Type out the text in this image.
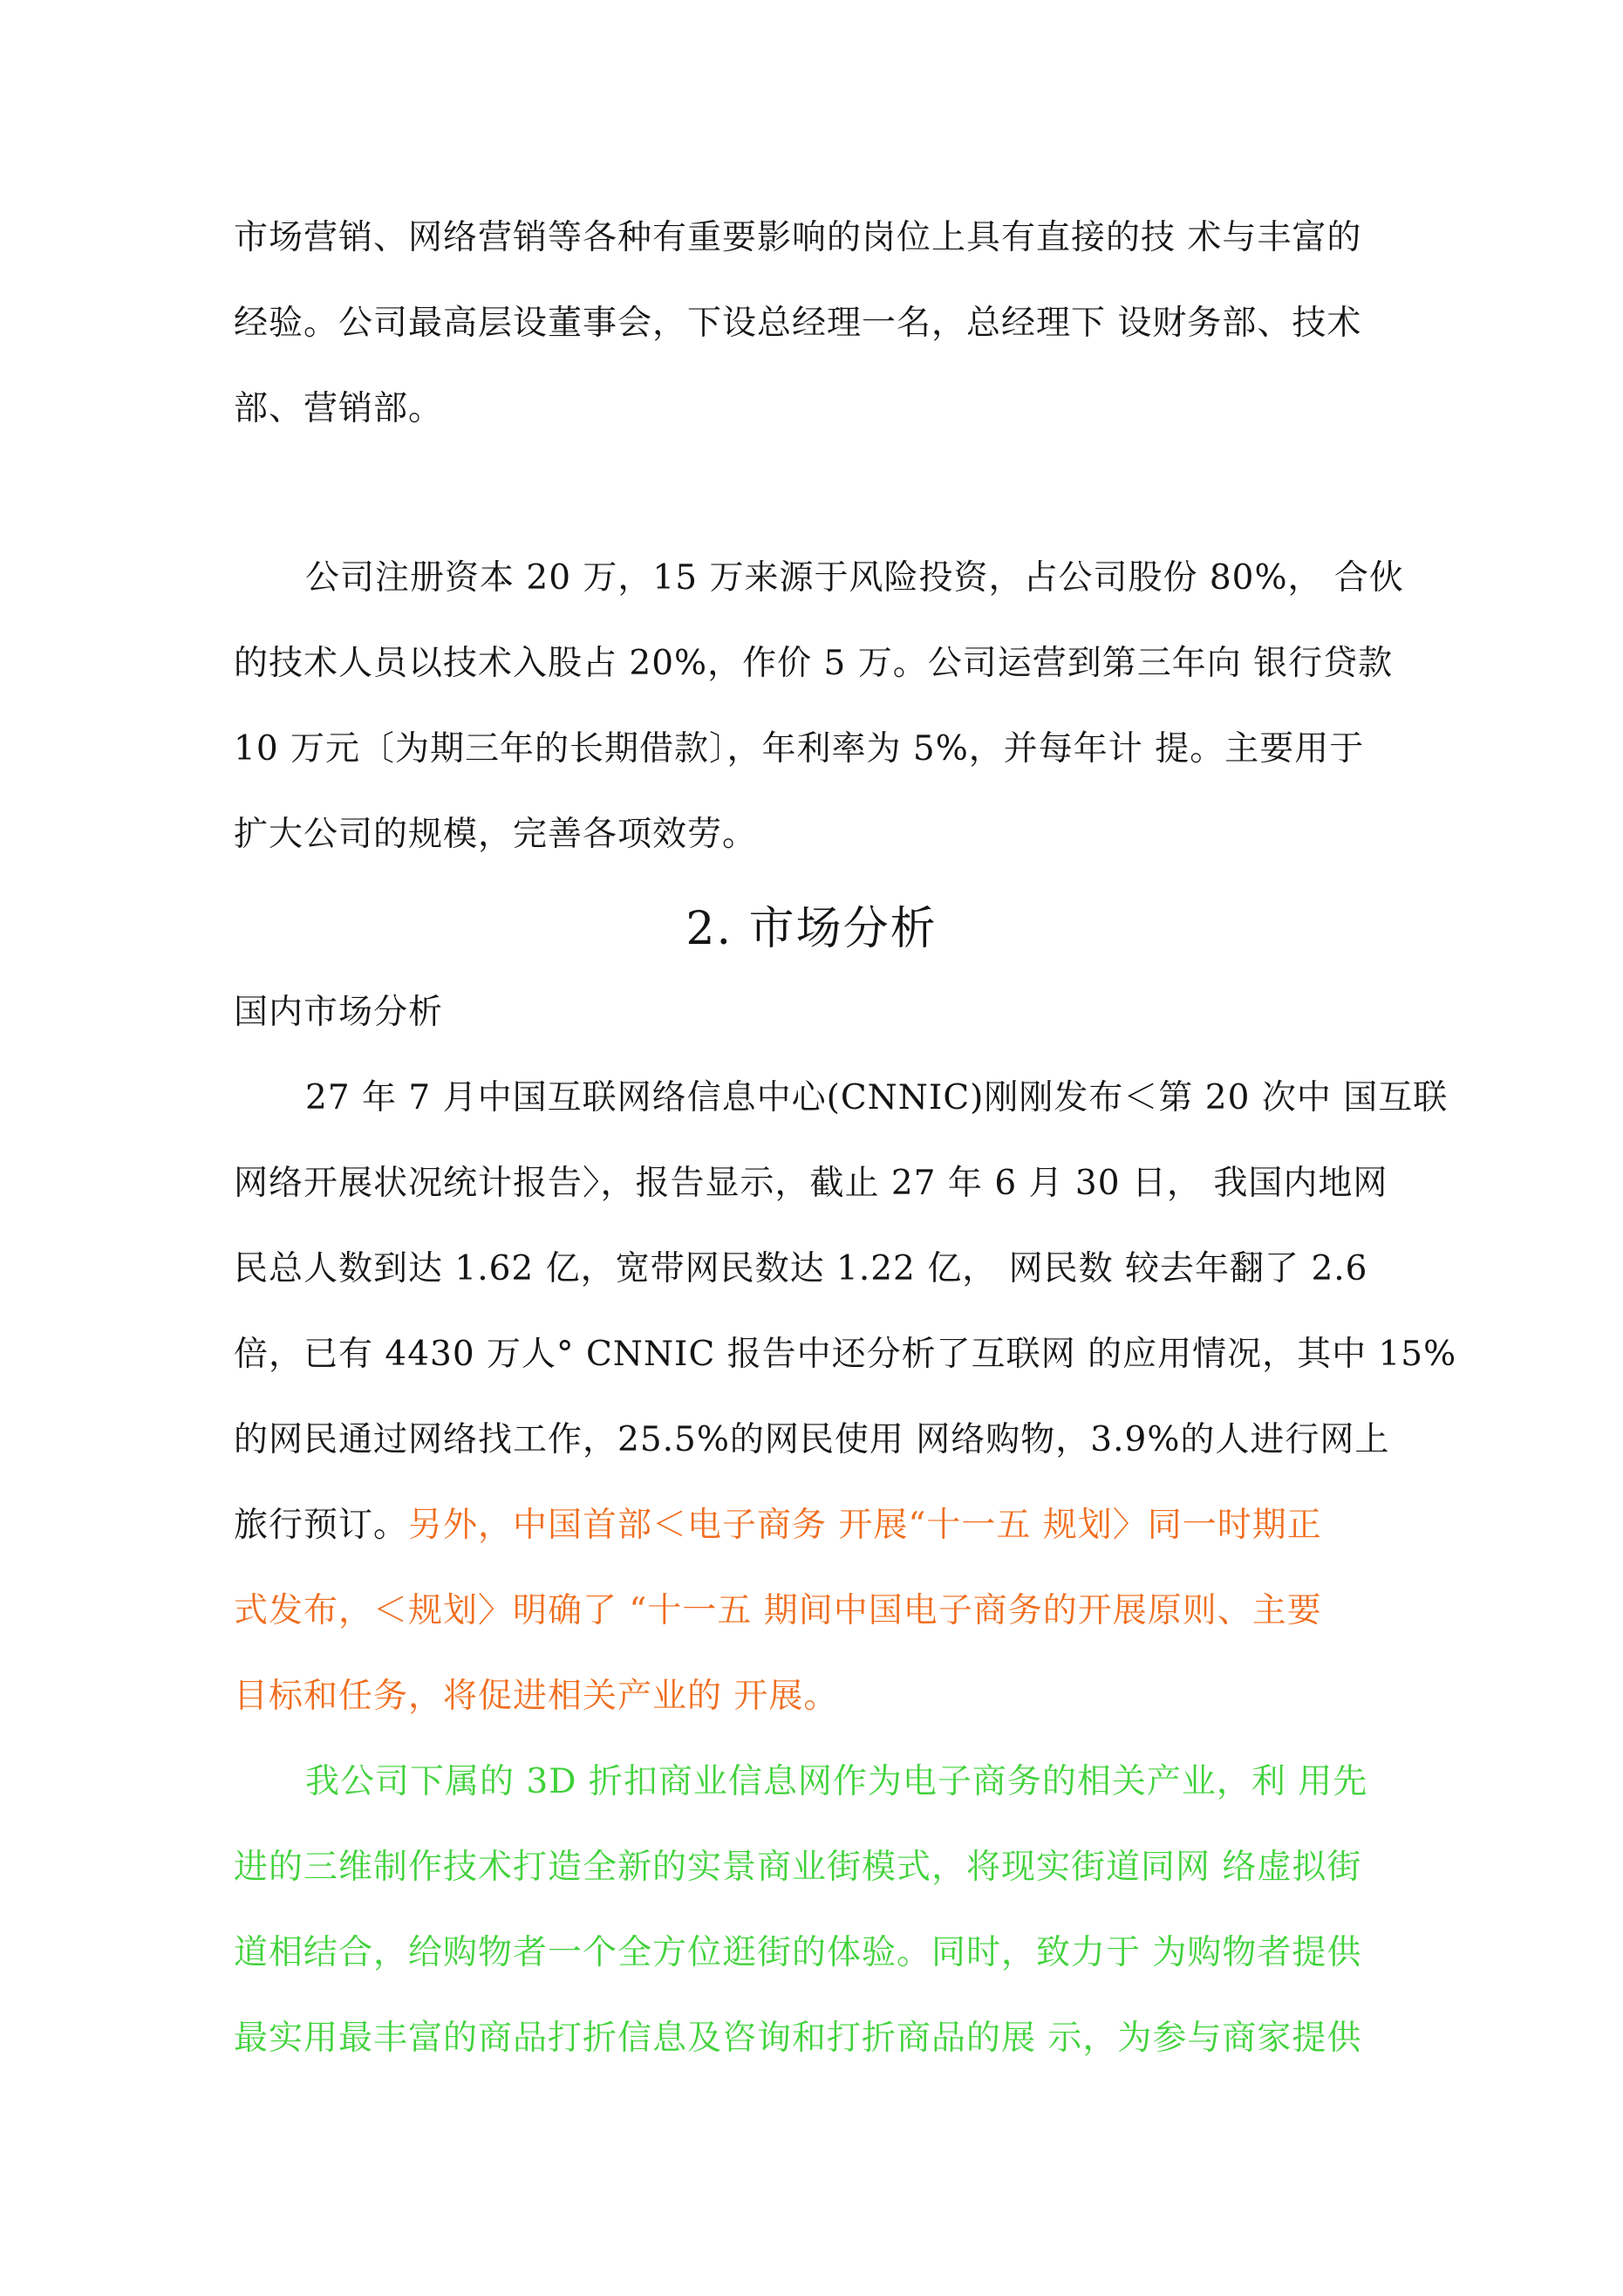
市场营销、网络营销等各种有重要影响的岗位上具有直接的技 术与丰富的
经验。公司最高层设董事会，下设总经理一名，总经理下 设财务部、技术
部、营销部。
公司注册资本 20 万，15 万来源于风险投资，占公司股份 80%， 合伙
的技术人员以技术入股占 20%，作价 5 万。公司运营到第三年向 银行贷款
10 万元〔为期三年的长期借款〕，年利率为 5%，并每年计 提。主要用于
扩大公司的规模，完善各项效劳。
2. 市场分析
国内市场分析
27 年 7 月中国互联网络信息中心(CNNIC)刚刚发布＜第 20 次中 国互联
网络开展状况统计报告〉，报告显示，截止 27 年 6 月 30 日， 我国内地网
民总人数到达 1.62 亿，宽带网民数达 1.22 亿， 网民数 较去年翻了 2.6
倍，已有 4430 万人° CNNIC 报告中还分析了互联网 的应用情况，其中 15%
的网民通过网络找工作，25.5%的网民使用 网络购物，3.9%的人进行网上
旅行预订。另外，中国首部＜电子商务 开展“十一五 规划〉同一时期正
式发布，＜规划〉明确了 “十一五 期间中国电子商务的开展原则、主要
目标和任务，将促进相关产业的 开展。
我公司下属的 3D 折扣商业信息网作为电子商务的相关产业，利 用先
进的三维制作技术打造全新的实景商业街模式，将现实街道同网 络虚拟街
道相结合，给购物者一个全方位逛街的体验。同时，致力于 为购物者提供
最实用最丰富的商品打折信息及咨询和打折商品的展 示，为参与商家提供
